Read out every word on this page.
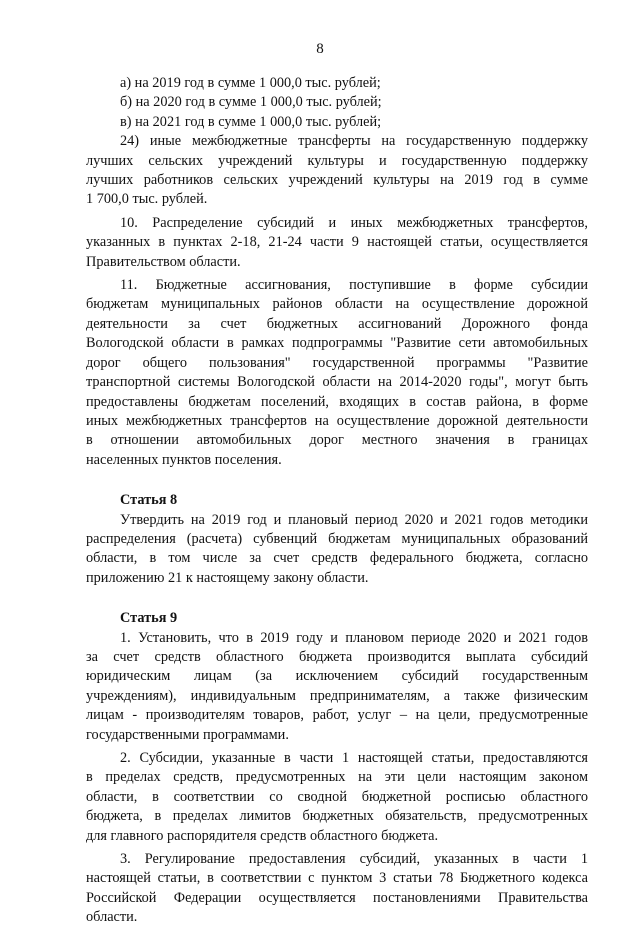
8
а) на 2019 год в сумме 1 000,0 тыс. рублей;
б) на 2020 год в сумме 1 000,0 тыс. рублей;
в) на 2021 год в сумме 1 000,0 тыс. рублей;
24) иные межбюджетные трансферты на государственную поддержку
лучших сельских учреждений культуры и государственную поддержку
лучших работников сельских учреждений культуры на 2019 год в сумме
1 700,0 тыс. рублей.
10. Распределение субсидий и иных межбюджетных трансфертов,
указанных в пунктах 2-18, 21-24 части 9 настоящей статьи, осуществляется
Правительством области.
11. Бюджетные ассигнования, поступившие в форме субсидии
бюджетам муниципальных районов области на осуществление дорожной
деятельности за счет бюджетных ассигнований Дорожного фонда
Вологодской области в рамках подпрограммы "Развитие сети автомобильных
дорог общего пользования" государственной программы "Развитие
транспортной системы Вологодской области на 2014-2020 годы", могут быть
предоставлены бюджетам поселений, входящих в состав района, в форме
иных межбюджетных трансфертов на осуществление дорожной деятельности
в отношении автомобильных дорог местного значения в границах
населенных пунктов поселения.
Статья 8
Утвердить на 2019 год и плановый период 2020 и 2021 годов методики
распределения (расчета) субвенций бюджетам муниципальных образований
области, в том числе за счет средств федерального бюджета, согласно
приложению 21 к настоящему закону области.
Статья 9
1. Установить, что в 2019 году и плановом периоде 2020 и 2021 годов
за счет средств областного бюджета производится выплата субсидий
юридическим лицам (за исключением субсидий государственным
учреждениям), индивидуальным предпринимателям, а также физическим
лицам - производителям товаров, работ, услуг – на цели, предусмотренные
государственными программами.
2. Субсидии, указанные в части 1 настоящей статьи, предоставляются
в пределах средств, предусмотренных на эти цели настоящим законом
области, в соответствии со сводной бюджетной росписью областного
бюджета, в пределах лимитов бюджетных обязательств, предусмотренных
для главного распорядителя средств областного бюджета.
3. Регулирование предоставления субсидий, указанных в части 1
настоящей статьи, в соответствии с пунктом 3 статьи 78 Бюджетного кодекса
Российской Федерации осуществляется постановлениями Правительства
области.
